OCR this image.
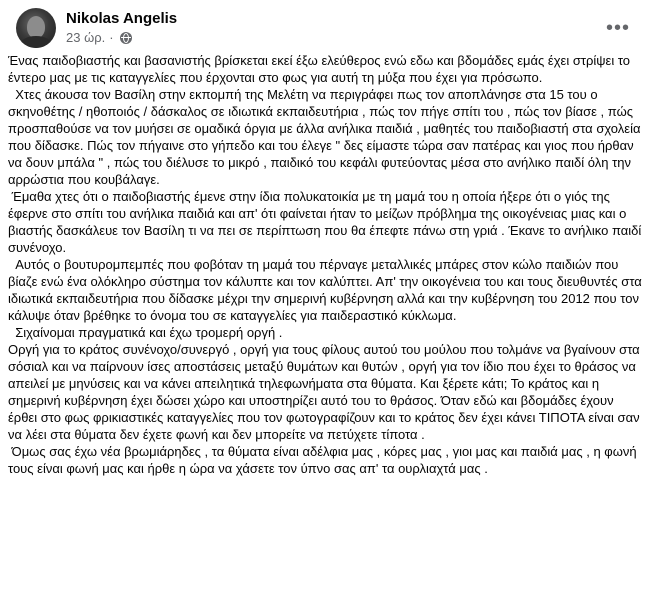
Nikolas Angelis
23 ώρ. ·	•••

Ένας παιδοβιαστής και βασανιστής βρίσκεται εκεί έξω ελεύθερος ενώ εδω και βδομάδες εμάς έχει στρίψει το έντερο μας με τις καταγγελίες που έρχονται στο φως για αυτή τη μύξα που έχει για πρόσωπο.

Χτες άκουσα τον Βασίλη στην εκπομπή της Μελέτη να περιγράφει πως τον αποπλάνησε στα 15 του ο σκηνοθέτης / ηθοποιός / δάσκαλος σε ιδιωτικά εκπαιδευτήρια , πώς τον πήγε σπίτι του , πώς τον βίασε , πώς προσπαθούσε να τον μυήσει σε ομαδικά όργια με άλλα ανήλικα παιδιά , μαθητές του παιδοβιαστή στα σχολεία που δίδασκε. Πώς τον πήγαινε στο γήπεδο και του έλεγε " δες είμαστε τώρα σαν πατέρας και γιος που ήρθαν να δουν μπάλα " , πώς του διέλυσε το μικρό , παιδικό του κεφάλι φυτεύοντας μέσα στο ανήλικο παιδί όλη την αρρώστια που κουβάλαγε.

Έμαθα χτες ότι ο παιδοβιαστής έμενε στην ίδια πολυκατοικία με τη μαμά του η οποία ήξερε ότι ο γιός της έφερνε στο σπίτι του ανήλικα παιδιά και απ' ότι φαίνεται ήταν το μείζων πρόβλημα της οικογένειας μιας και ο βιαστής δασκάλευε τον Βασίλη τι να πει σε περίπτωση που θα έπεφτε πάνω στη γριά . Έκανε το ανήλικο παιδί συνένοχο.

Αυτός ο βουτυρομπεμπές που φοβόταν τη μαμά του πέρναγε μεταλλικές μπάρες στον κώλο παιδιών που βίαζε ενώ ένα ολόκληρο σύστημα τον κάλυπτε και τον καλύπτει. Απ' την οικογένεια του και τους διευθυντές στα ιδιωτικά εκπαιδευτήρια που δίδασκε μέχρι την σημερινή κυβέρνηση αλλά και την κυβέρνηση του 2012 που τον κάλυψε όταν βρέθηκε το όνομα του σε καταγγελίες για παιδεραστικό κύκλωμα.

Σιχαίνομαι πραγματικά και έχω τρομερή οργή .

Οργή για το κράτος συνένοχο/συνεργό , οργή για τους φίλους αυτού του μούλου που τολμάνε να βγαίνουν στα σόσιαλ και να παίρνουν ίσες αποστάσεις μεταξύ θυμάτων και θυτών , οργή για τον ίδιο που έχει το θράσος να απειλεί με μηνύσεις και να κάνει απειλητικά τηλεφωνήματα στα θύματα. Και ξέρετε κάτι; Το κράτος και η σημερινή κυβέρνηση έχει δώσει χώρο και υποστηρίζει αυτό του το θράσος. Όταν εδώ και βδομάδες έχουν έρθει στο φως φρικιαστικές καταγγελίες που τον φωτογραφίζουν και το κράτος δεν έχει κάνει ΤΙΠΟΤΑ είναι σαν να λέει στα θύματα δεν έχετε φωνή και δεν μπορείτε να πετύχετε τίποτα .

Όμως σας έχω νέα βρωμιάρηδες , τα θύματα είναι αδέλφια μας , κόρες μας , γιοι μας και παιδιά μας , η φωνή τους είναι φωνή μας και ήρθε η ώρα να χάσετε τον ύπνο σας απ' τα ουρλιαχτά μας .
